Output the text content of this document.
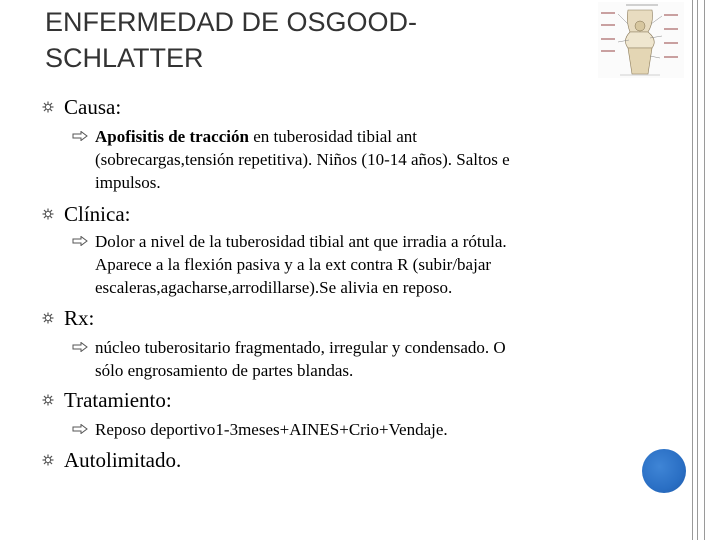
ENFERMEDAD DE OSGOOD-
SCHLATTER
Causa:
Apofisitis de tracción en tuberosidad tibial ant
(sobrecargas,tensión repetitiva). Niños (10-14 años). Saltos e
impulsos.
Clínica:
Dolor a nivel de la tuberosidad tibial ant que irradia a rótula.
Aparece a la flexión pasiva y a la ext contra R (subir/bajar
escaleras,agacharse,arrodillarse).Se alivia en reposo.
Rx:
núcleo tuberositario fragmentado, irregular y condensado. O
sólo engrosamiento de partes blandas.
Tratamiento:
Reposo deportivo1-3meses+AINES+Crio+Vendaje.
Autolimitado.
